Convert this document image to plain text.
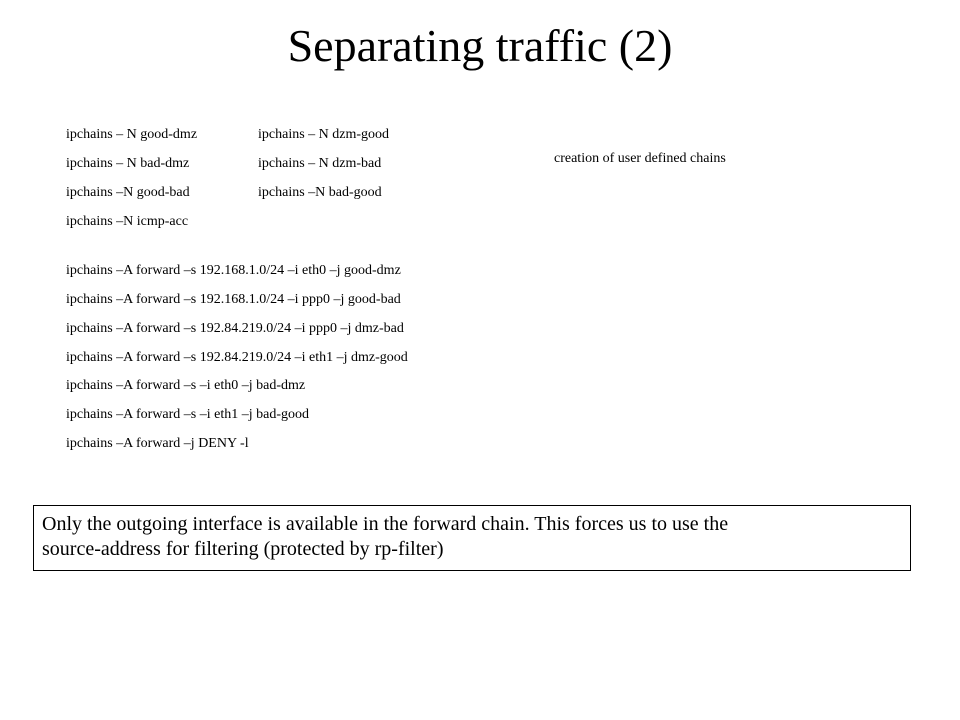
Separating traffic (2)
ipchains – N good-dmz
ipchains – N bad-dmz
ipchains –N good-bad
ipchains –N icmp-acc
ipchains – N dzm-good
ipchains – N dzm-bad
ipchains –N bad-good
creation of user defined chains
ipchains –A forward –s 192.168.1.0/24 –i eth0 –j good-dmz
ipchains –A forward –s 192.168.1.0/24 –i ppp0 –j good-bad
ipchains –A forward –s 192.84.219.0/24 –i ppp0 –j dmz-bad
ipchains –A forward –s 192.84.219.0/24 –i eth1 –j dmz-good
ipchains –A forward –s –i eth0 –j bad-dmz
ipchains –A forward –s –i eth1 –j bad-good
ipchains –A forward –j DENY -l
Only the outgoing interface is available in the forward chain. This forces us to use the
source-address for filtering (protected by rp-filter)
